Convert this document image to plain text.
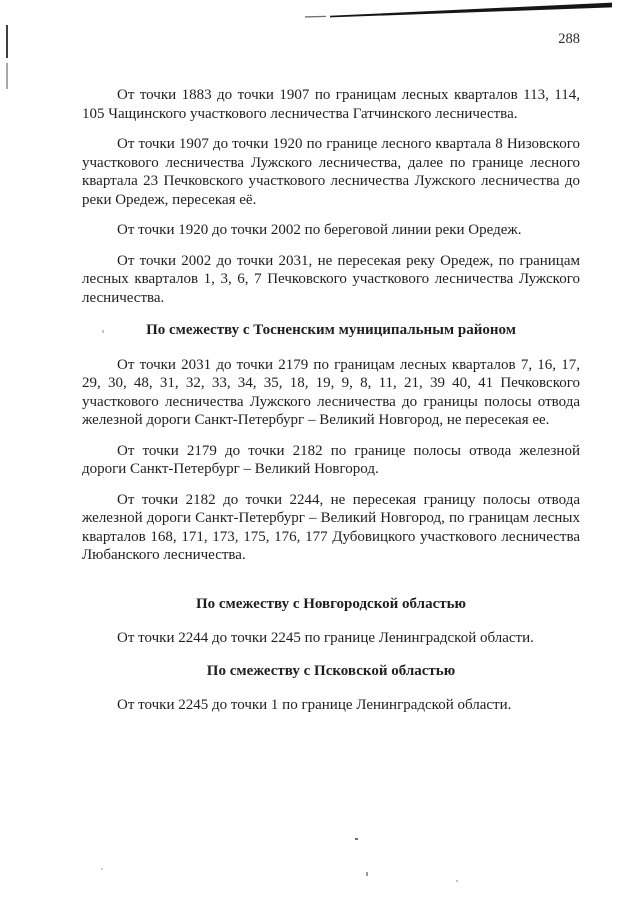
288

От точки 1883 до точки 1907 по границам лесных кварталов 113, 114, 105 Чащинского участкового лесничества Гатчинского лесничества.

От точки 1907 до точки 1920 по границе лесного квартала 8 Низовского участкового лесничества Лужского лесничества, далее по границе лесного квартала 23 Печковского участкового лесничества Лужского лесничества до реки Оредеж, пересекая её.

От точки 1920 до точки 2002 по береговой линии реки Оредеж.

От точки 2002 до точки 2031, не пересекая реку Оредеж, по границам лесных кварталов 1, 3, 6, 7 Печковского участкового лесничества Лужского лесничества.

По смежеству с Тосненским муниципальным районом

От точки 2031 до точки 2179 по границам лесных кварталов 7, 16, 17, 29, 30, 48, 31, 32, 33, 34, 35, 18, 19, 9, 8, 11, 21, 39 40, 41 Печковского участкового лесничества Лужского лесничества до границы полосы отвода железной дороги Санкт-Петербург – Великий Новгород, не пересекая ее.

От точки 2179 до точки 2182 по границе полосы отвода железной дороги Санкт-Петербург – Великий Новгород.

От точки 2182 до точки 2244, не пересекая границу полосы отвода железной дороги Санкт-Петербург – Великий Новгород, по границам лесных кварталов 168, 171, 173, 175, 176, 177 Дубовицкого участкового лесничества Любанского лесничества.

По смежеству с Новгородской областью

От точки 2244 до точки 2245 по границе Ленинградской области.

По смежеству с Псковской областью

От точки 2245 до точки 1 по границе Ленинградской области.
